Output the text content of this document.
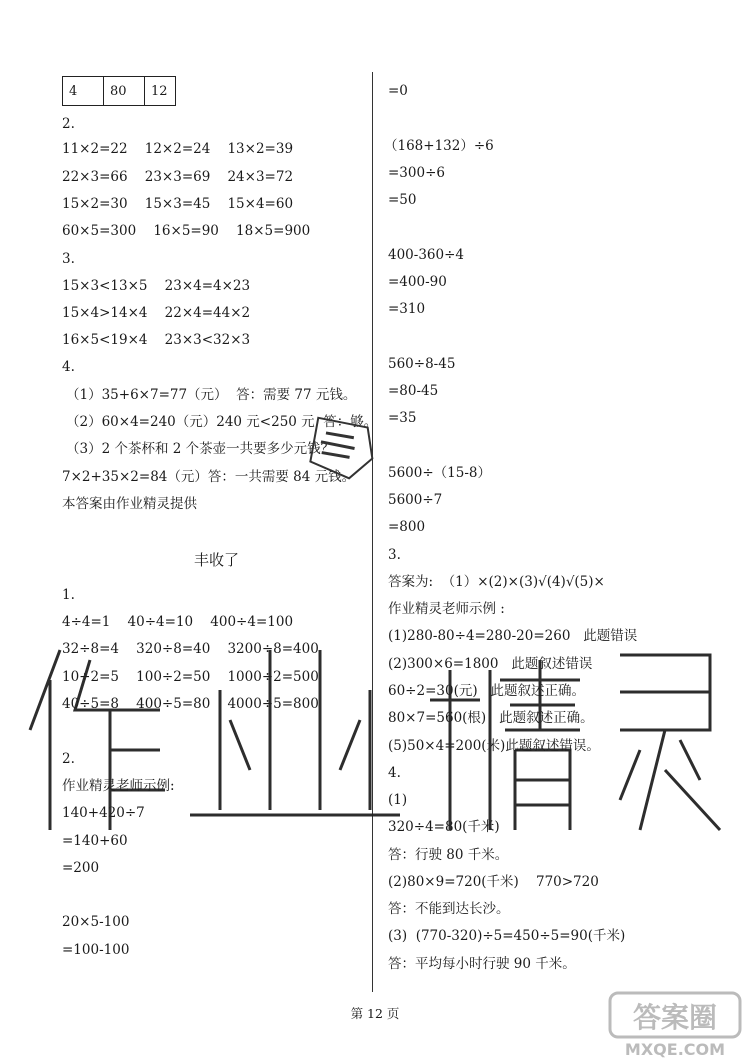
4	80	12
2.
11×2=22    12×2=24    13×2=39
22×3=66    23×3=69    24×3=72
15×2=30    15×3=45    15×4=60
60×5=300    16×5=90    18×5=900
3.
15×3<13×5    23×4=4×23
15×4>14×4    22×4=44×2
16×5<19×4    23×3<32×3
4.
（1）35+6×7=77（元）  答：需要 77 元钱。
（2）60×4=240（元）240 元<250 元  答：够。
（3）2 个茶杯和 2 个茶壶一共要多少元钱？
7×2+35×2=84（元）答：一共需要 84 元钱。
本答案由作业精灵提供
丰收了
1.
4÷4=1    40÷4=10    400÷4=100
32÷8=4    320÷8=40    3200÷8=400
10÷2=5    100÷2=50    1000÷2=500
40÷5=8    400÷5=80    4000÷5=800
2.
作业精灵老师示例:
140+420÷7
=140+60
=200
20×5-100
=100-100
=0
（168+132）÷6
=300÷6
=50
400-360÷4
=400-90
=310
560÷8-45
=80-45
=35
5600÷（15-8）
5600÷7
=800
3.
答案为:  （1）×(2)×(3)√(4)√(5)×
作业精灵老师示例 :
(1)280-80÷4=280-20=260   此题错误
(2)300×6=1800   此题叙述错误
60÷2=30(元)   此题叙述正确。
80×7=560(根)   此题叙述正确。
(5)50×4=200(米)此题叙述错误。
4.
(1)
320÷4=80(千米)
答：行驶 80 千米。
(2)80×9=720(千米)    770>720
答：不能到达长沙。
(3)  (770-320)÷5=450÷5=90(千米)
答：平均每小时行驶 90 千米。
第 12 页	答案圈
MXQE.COM
